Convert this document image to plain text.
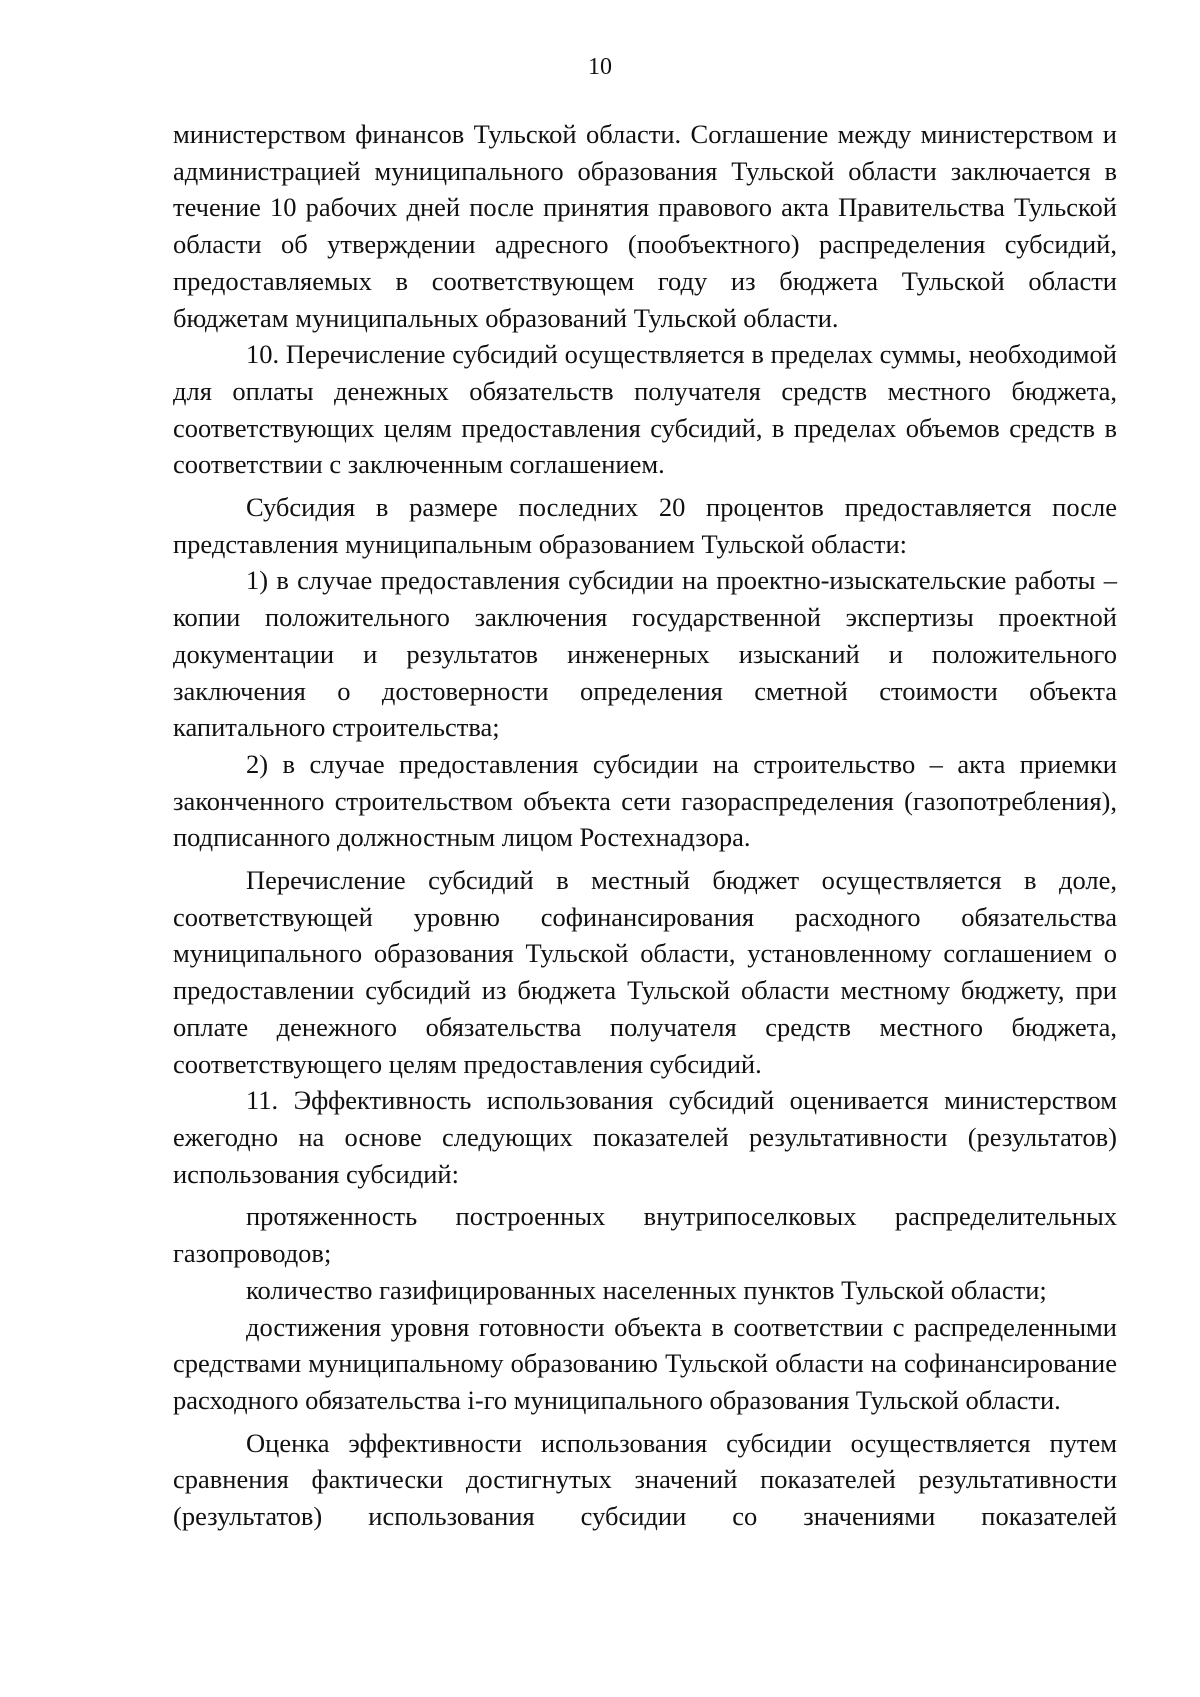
10

министерством финансов Тульской области. Соглашение между министерством и администрацией муниципального образования Тульской области заключается в течение 10 рабочих дней после принятия правового акта Правительства Тульской области об утверждении адресного (пообъектного) распределения субсидий, предоставляемых в соответствующем году из бюджета Тульской области бюджетам муниципальных образований Тульской области.

10. Перечисление субсидий осуществляется в пределах суммы, необходимой для оплаты денежных обязательств получателя средств местного бюджета, соответствующих целям предоставления субсидий, в пределах объемов средств в соответствии с заключенным соглашением.

Субсидия в размере последних 20 процентов предоставляется после представления муниципальным образованием Тульской области:

1) в случае предоставления субсидии на проектно-изыскательские работы – копии положительного заключения государственной экспертизы проектной документации и результатов инженерных изысканий и положительного заключения о достоверности определения сметной стоимости объекта капитального строительства;

2) в случае предоставления субсидии на строительство – акта приемки законченного строительством объекта сети газораспределения (газопотребления), подписанного должностным лицом Ростехнадзора.

Перечисление субсидий в местный бюджет осуществляется в доле, соответствующей уровню софинансирования расходного обязательства муниципального образования Тульской области, установленному соглашением о предоставлении субсидий из бюджета Тульской области местному бюджету, при оплате денежного обязательства получателя средств местного бюджета, соответствующего целям предоставления субсидий.

11. Эффективность использования субсидий оценивается министерством ежегодно на основе следующих показателей результативности (результатов) использования субсидий:

протяженность построенных внутрипоселковых распределительных газопроводов;

количество газифицированных населенных пунктов Тульской области;

достижения уровня готовности объекта в соответствии с распределенными средствами муниципальному образованию Тульской области на софинансирование расходного обязательства i-го муниципального образования Тульской области.

Оценка эффективности использования субсидии осуществляется путем сравнения фактически достигнутых значений показателей результативности (результатов) использования субсидии со значениями показателей
